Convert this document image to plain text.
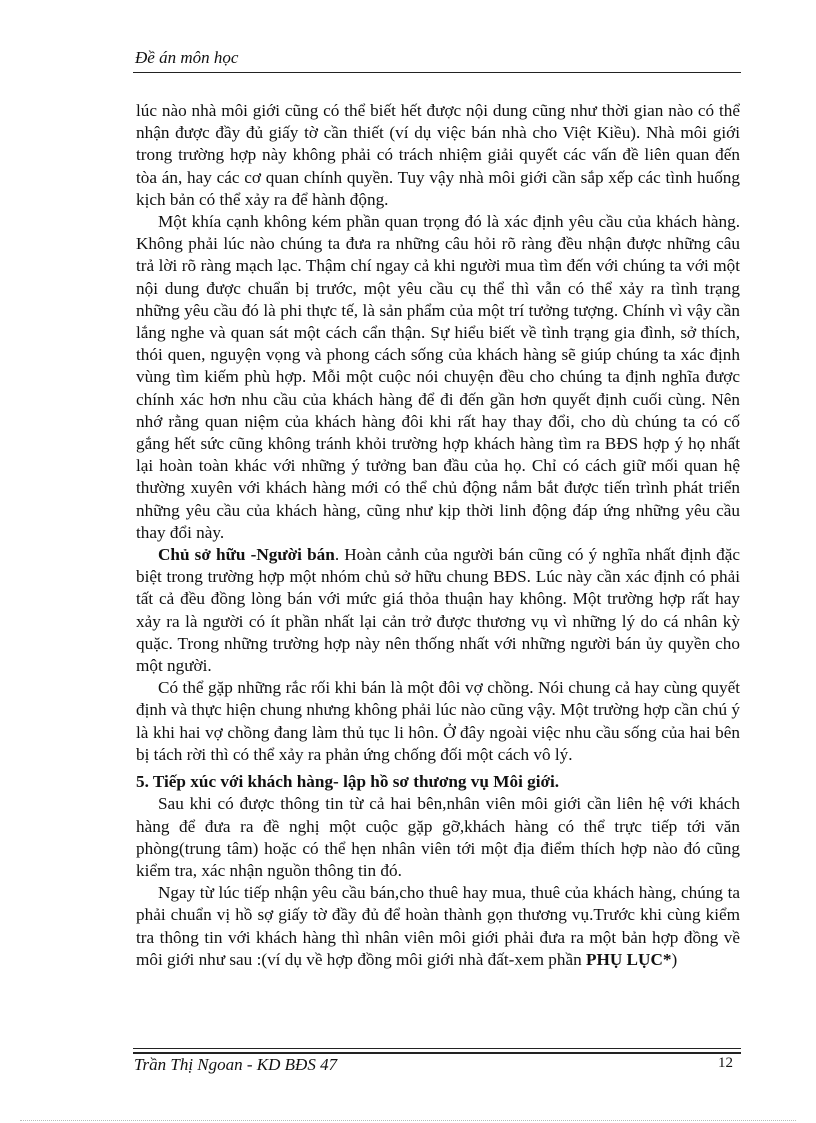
Đề án môn học

lúc nào nhà môi giới cũng có thể biết hết được nội dung cũng như thời gian nào có thể nhận được đầy đủ giấy tờ cần thiết (ví dụ việc bán nhà cho Việt Kiều). Nhà môi giới trong trường hợp này không phải có trách nhiệm giải quyết các vấn đề liên quan đến tòa án, hay các cơ quan chính quyền. Tuy vậy nhà môi giới cần sắp xếp các tình huống kịch bản có thể xảy ra để hành động.

Một khía cạnh không kém phần quan trọng đó là xác định yêu cầu của khách hàng. Không phải lúc nào chúng ta đưa ra những câu hỏi rõ ràng đều nhận được những câu trả lời rõ ràng mạch lạc. Thậm chí ngay cả khi người mua tìm đến với chúng ta với một nội dung được chuẩn bị trước, một yêu cầu cụ thể thì vẫn có thể xảy ra tình trạng những yêu cầu đó là phi thực tế, là sản phẩm của một trí tưởng tượng. Chính vì vậy cần lắng nghe và quan sát một cách cẩn thận. Sự hiểu biết về tình trạng gia đình, sở thích, thói quen, nguyện vọng và phong cách sống của khách hàng sẽ giúp chúng ta xác định vùng tìm kiếm phù hợp. Mỗi một cuộc nói chuyện đều cho chúng ta định nghĩa được chính xác hơn nhu cầu của khách hàng để đi đến gần hơn quyết định cuối cùng. Nên nhớ rằng quan niệm của khách hàng đôi khi rất hay thay đổi, cho dù chúng ta có cố gắng hết sức cũng không tránh khỏi trường hợp khách hàng tìm ra BĐS hợp ý họ nhất lại hoàn toàn khác với những ý tưởng ban đầu của họ. Chỉ có cách giữ mối quan hệ thường xuyên với khách hàng mới có thể chủ động nắm bắt được tiến trình phát triển những yêu cầu của khách hàng, cũng như kịp thời linh động đáp ứng những yêu cầu thay đổi này.

Chủ sở hữu -Người bán. Hoàn cảnh của người bán cũng có ý nghĩa nhất định đặc biệt trong trường hợp một nhóm chủ sở hữu chung BĐS. Lúc này cần xác định có phải tất cả đều đồng lòng bán với mức giá thỏa thuận hay không. Một trường hợp rất hay xảy ra là người có ít phần nhất lại cản trở được thương vụ vì những lý do cá nhân kỳ quặc. Trong những trường hợp này nên thống nhất với những người bán ủy quyền cho một người.

Có thể gặp những rắc rối khi bán là một đôi vợ chồng. Nói chung cả hay cùng quyết định và thực hiện chung nhưng không phải lúc nào cũng vậy. Một trường hợp cần chú ý là khi hai vợ chồng đang làm thủ tục li hôn. Ở đây ngoài việc nhu cầu sống của hai bên bị tách rời thì có thể xảy ra phản ứng chống đối một cách vô lý.

5. Tiếp xúc với khách hàng- lập hồ sơ thương vụ Môi giới.

Sau khi có được thông tin từ cả hai bên,nhân viên môi giới cần liên hệ với khách hàng để đưa ra đề nghị một cuộc gặp gỡ,khách hàng có thể trực tiếp tới văn phòng(trung tâm) hoặc có thể hẹn nhân viên tới một địa điểm thích hợp nào đó cũng kiểm tra, xác nhận nguồn thông tin đó.

Ngay từ lúc tiếp nhận yêu cầu bán,cho thuê hay mua, thuê của khách hàng, chúng ta phải chuẩn vị hồ sợ giấy tờ đầy đủ để hoàn thành gọn thương vụ.Trước khi cùng kiểm tra thông tin với khách hàng thì nhân viên môi giới phải đưa ra một bản hợp đồng về môi giới như sau :(ví dụ về hợp đồng môi giới nhà đất-xem phần PHỤ LỤC*)

Trần Thị Ngoan - KD BĐS 47	12
